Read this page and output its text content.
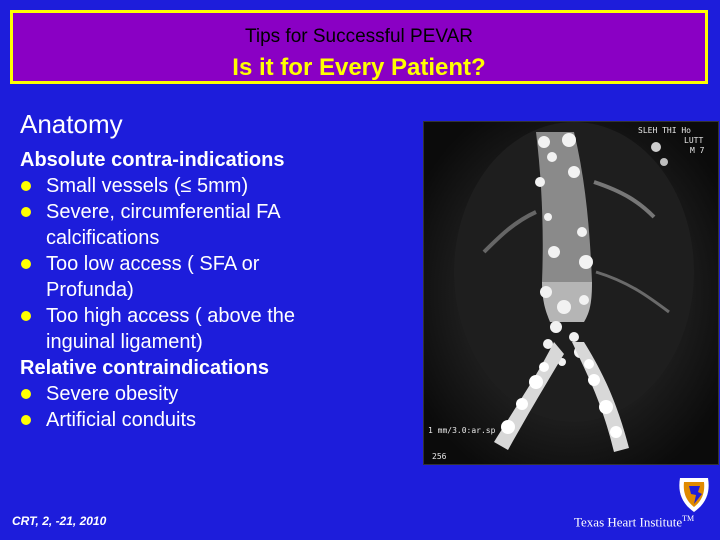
Tips for Successful PEVAR
Is it for Every Patient?
Anatomy
Absolute contra-indications
Small vessels (≤ 5mm)
Severe, circumferential FA
calcifications
Too low access ( SFA or
Profunda)
Too high access ( above the
inguinal ligament)
Relative contraindications
Severe obesity
Artificial conduits
SLEH THI Ho
LUTT
M 7
1 mm/3.0:ar.sp
256
CRT, 2, -21, 2010	Texas Heart Institute™
